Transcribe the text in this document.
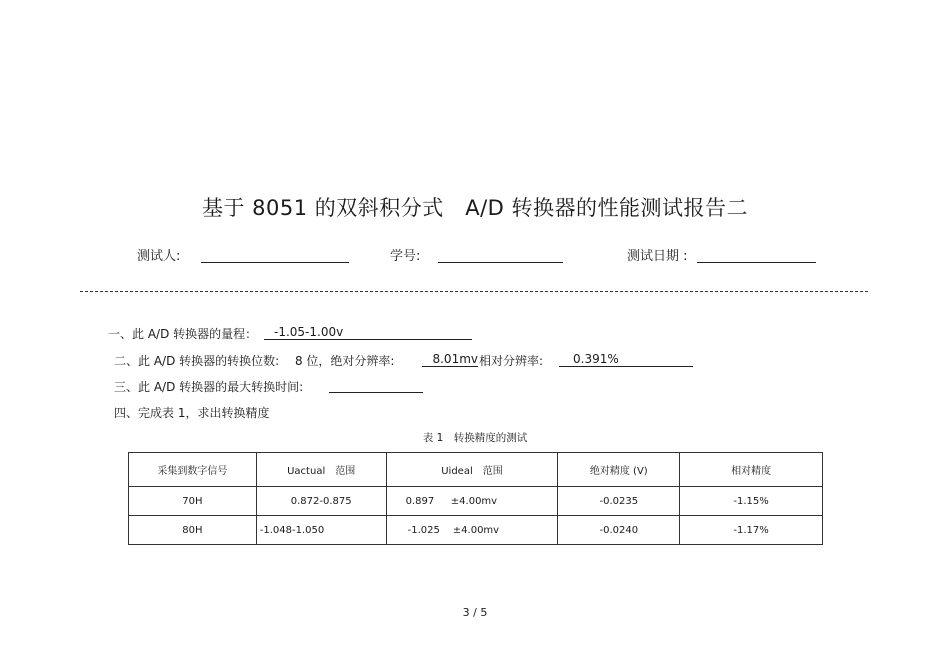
基于 8051 的双斜积分式　A/D 转换器的性能测试报告二
测试人:	学号:	测试日期 :
一、此 A/D 转换器的量程：	-1.05-1.00v
二、此 A/D 转换器的转换位数:　 8 位，绝对分辨率:	8.01mv 相对分辨率:	0.391%
三、此 A/D 转换器的最大转换时间:
四、完成表 1，求出转换精度
表 1　转换精度的测试
采集到数字信号	Uactual　范围	Uideal　范围	绝对精度 (V)	相对精度
70H	0.872-0.875	0.897 ±4.00mv	-0.0235	-1.15%
80H	-1.048-1.050	-1.025 ±4.00mv	-0.0240	-1.17%
3 / 5
